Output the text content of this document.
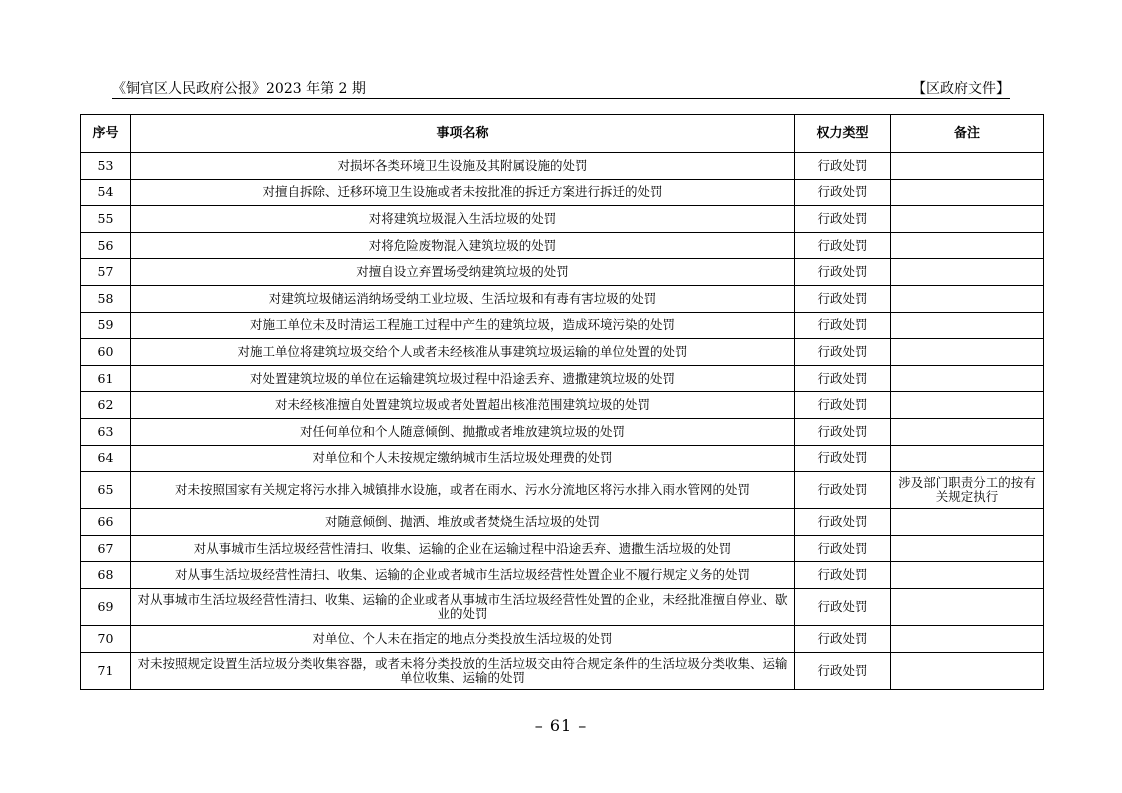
《铜官区人民政府公报》2023 年第 2 期	【区政府文件】
序号	事项名称	权力类型	备注
53	对损坏各类环境卫生设施及其附属设施的处罚	行政处罚	
54	对擅自拆除、迁移环境卫生设施或者未按批准的拆迁方案进行拆迁的处罚	行政处罚	
55	对将建筑垃圾混入生活垃圾的处罚	行政处罚	
56	对将危险废物混入建筑垃圾的处罚	行政处罚	
57	对擅自设立弃置场受纳建筑垃圾的处罚	行政处罚	
58	对建筑垃圾储运消纳场受纳工业垃圾、生活垃圾和有毒有害垃圾的处罚	行政处罚	
59	对施工单位未及时清运工程施工过程中产生的建筑垃圾，造成环境污染的处罚	行政处罚	
60	对施工单位将建筑垃圾交给个人或者未经核准从事建筑垃圾运输的单位处置的处罚	行政处罚	
61	对处置建筑垃圾的单位在运输建筑垃圾过程中沿途丢弃、遗撒建筑垃圾的处罚	行政处罚	
62	对未经核准擅自处置建筑垃圾或者处置超出核准范围建筑垃圾的处罚	行政处罚	
63	对任何单位和个人随意倾倒、抛撒或者堆放建筑垃圾的处罚	行政处罚	
64	对单位和个人未按规定缴纳城市生活垃圾处理费的处罚	行政处罚	
65	对未按照国家有关规定将污水排入城镇排水设施，或者在雨水、污水分流地区将污水排入雨水管网的处罚	行政处罚	涉及部门职责分工的按有关规定执行
66	对随意倾倒、抛洒、堆放或者焚烧生活垃圾的处罚	行政处罚	
67	对从事城市生活垃圾经营性清扫、收集、运输的企业在运输过程中沿途丢弃、遗撒生活垃圾的处罚	行政处罚	
68	对从事生活垃圾经营性清扫、收集、运输的企业或者城市生活垃圾经营性处置企业不履行规定义务的处罚	行政处罚	
69	对从事城市生活垃圾经营性清扫、收集、运输的企业或者从事城市生活垃圾经营性处置的企业，未经批准擅自停业、歇业的处罚	行政处罚	
70	对单位、个人未在指定的地点分类投放生活垃圾的处罚	行政处罚	
71	对未按照规定设置生活垃圾分类收集容器，或者未将分类投放的生活垃圾交由符合规定条件的生活垃圾分类收集、运输单位收集、运输的处罚	行政处罚	
– 61 –
